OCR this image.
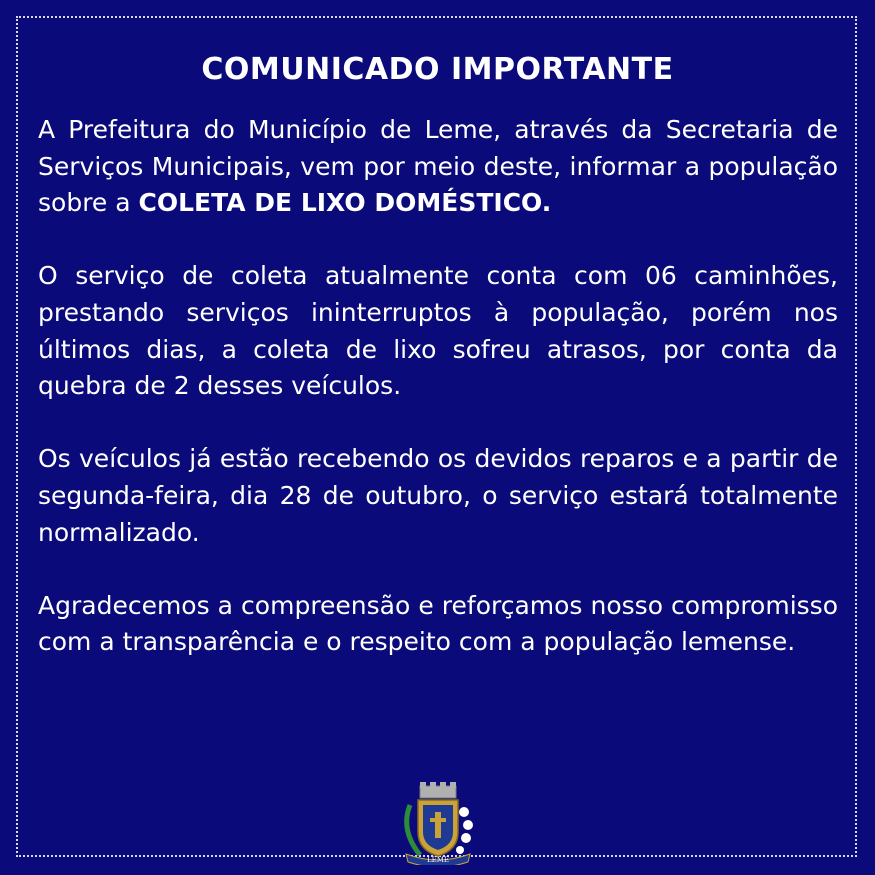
COMUNICADO IMPORTANTE

A Prefeitura do Município de Leme, através da Secretaria de Serviços Municipais, vem por meio deste, informar a população sobre a COLETA DE LIXO DOMÉSTICO.

O serviço de coleta atualmente conta com 06 caminhões, prestando serviços ininterruptos à população, porém nos últimos dias, a coleta de lixo sofreu atrasos, por conta da quebra de 2 desses veículos.

Os veículos já estão recebendo os devidos reparos e a partir de segunda-feira, dia 28 de outubro, o serviço estará totalmente normalizado.

Agradecemos a compreensão e reforçamos nosso compromisso com a transparência e o respeito com a população lemense.

LEME
